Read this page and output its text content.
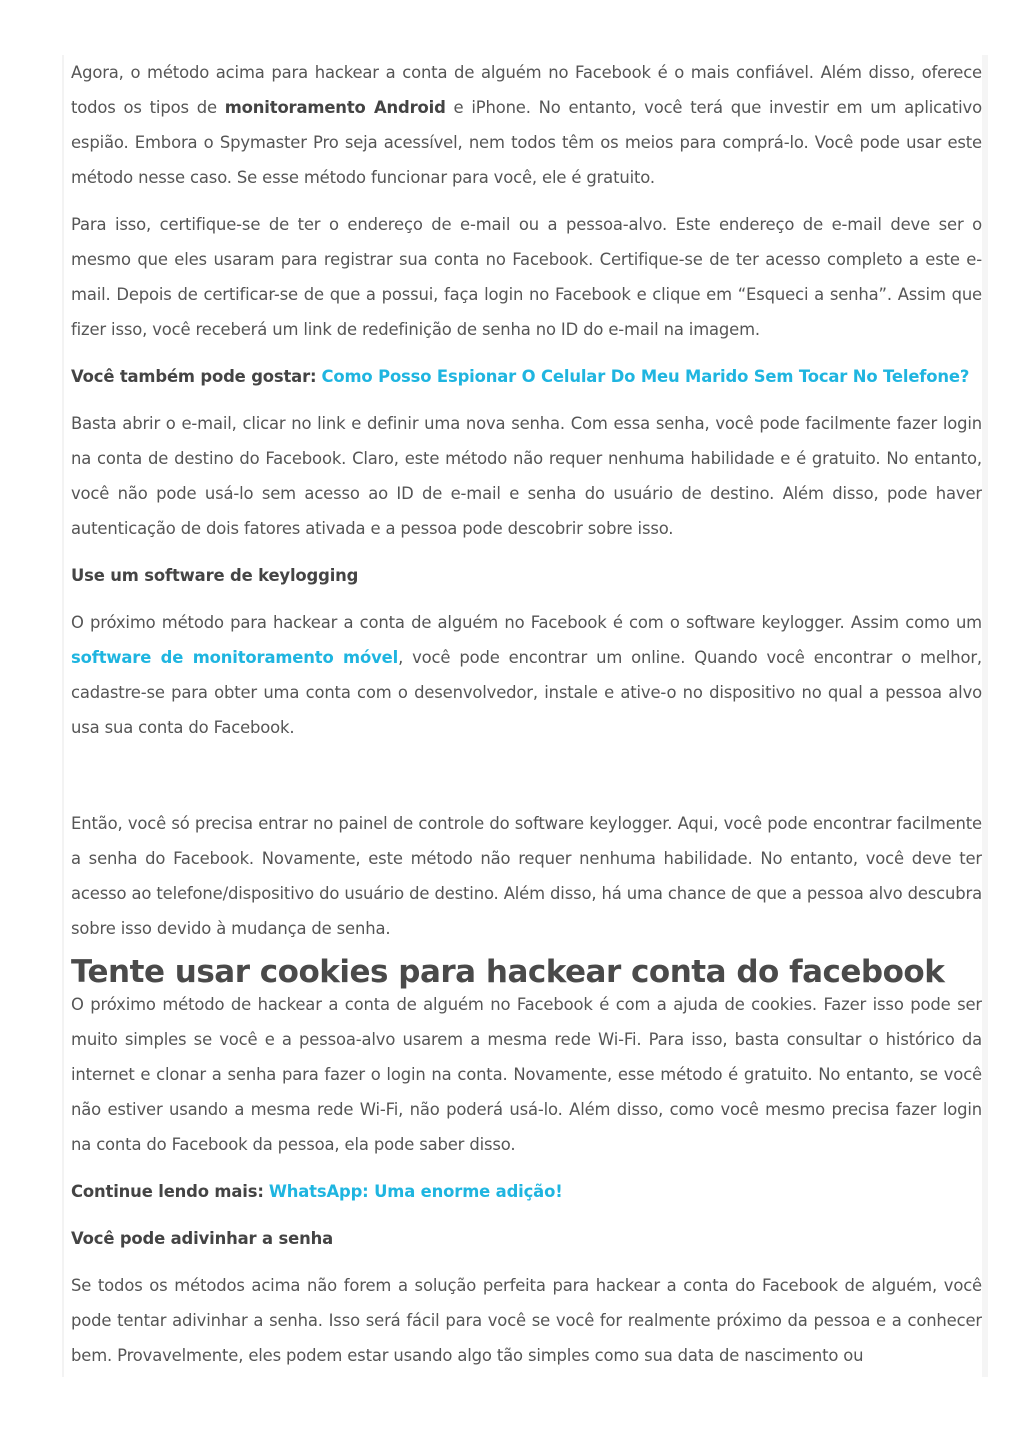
Agora, o método acima para hackear a conta de alguém no Facebook é o mais confiável. Além disso, oferece todos os tipos de monitoramento Android e iPhone. No entanto, você terá que investir em um aplicativo espião. Embora o Spymaster Pro seja acessível, nem todos têm os meios para comprá-lo. Você pode usar este método nesse caso. Se esse método funcionar para você, ele é gratuito.

Para isso, certifique-se de ter o endereço de e-mail ou a pessoa-alvo. Este endereço de e-mail deve ser o mesmo que eles usaram para registrar sua conta no Facebook. Certifique-se de ter acesso completo a este e-mail. Depois de certificar-se de que a possui, faça login no Facebook e clique em “Esqueci a senha”. Assim que fizer isso, você receberá um link de redefinição de senha no ID do e-mail na imagem.

Você também pode gostar: Como Posso Espionar O Celular Do Meu Marido Sem Tocar No Telefone?

Basta abrir o e-mail, clicar no link e definir uma nova senha. Com essa senha, você pode facilmente fazer login na conta de destino do Facebook. Claro, este método não requer nenhuma habilidade e é gratuito. No entanto, você não pode usá-lo sem acesso ao ID de e-mail e senha do usuário de destino. Além disso, pode haver autenticação de dois fatores ativada e a pessoa pode descobrir sobre isso.

Use um software de keylogging

O próximo método para hackear a conta de alguém no Facebook é com o software keylogger. Assim como um software de monitoramento móvel, você pode encontrar um online. Quando você encontrar o melhor, cadastre-se para obter uma conta com o desenvolvedor, instale e ative-o no dispositivo no qual a pessoa alvo usa sua conta do Facebook.

Então, você só precisa entrar no painel de controle do software keylogger. Aqui, você pode encontrar facilmente a senha do Facebook. Novamente, este método não requer nenhuma habilidade. No entanto, você deve ter acesso ao telefone/dispositivo do usuário de destino. Além disso, há uma chance de que a pessoa alvo descubra sobre isso devido à mudança de senha.

Tente usar cookies para hackear conta do facebook

O próximo método de hackear a conta de alguém no Facebook é com a ajuda de cookies. Fazer isso pode ser muito simples se você e a pessoa-alvo usarem a mesma rede Wi-Fi. Para isso, basta consultar o histórico da internet e clonar a senha para fazer o login na conta. Novamente, esse método é gratuito. No entanto, se você não estiver usando a mesma rede Wi-Fi, não poderá usá-lo. Além disso, como você mesmo precisa fazer login na conta do Facebook da pessoa, ela pode saber disso.

Continue lendo mais: WhatsApp: Uma enorme adição!
Você pode adivinhar a senha

Se todos os métodos acima não forem a solução perfeita para hackear a conta do Facebook de alguém, você pode tentar adivinhar a senha. Isso será fácil para você se você for realmente próximo da pessoa e a conhecer bem. Provavelmente, eles podem estar usando algo tão simples como sua data de nascimento ou
